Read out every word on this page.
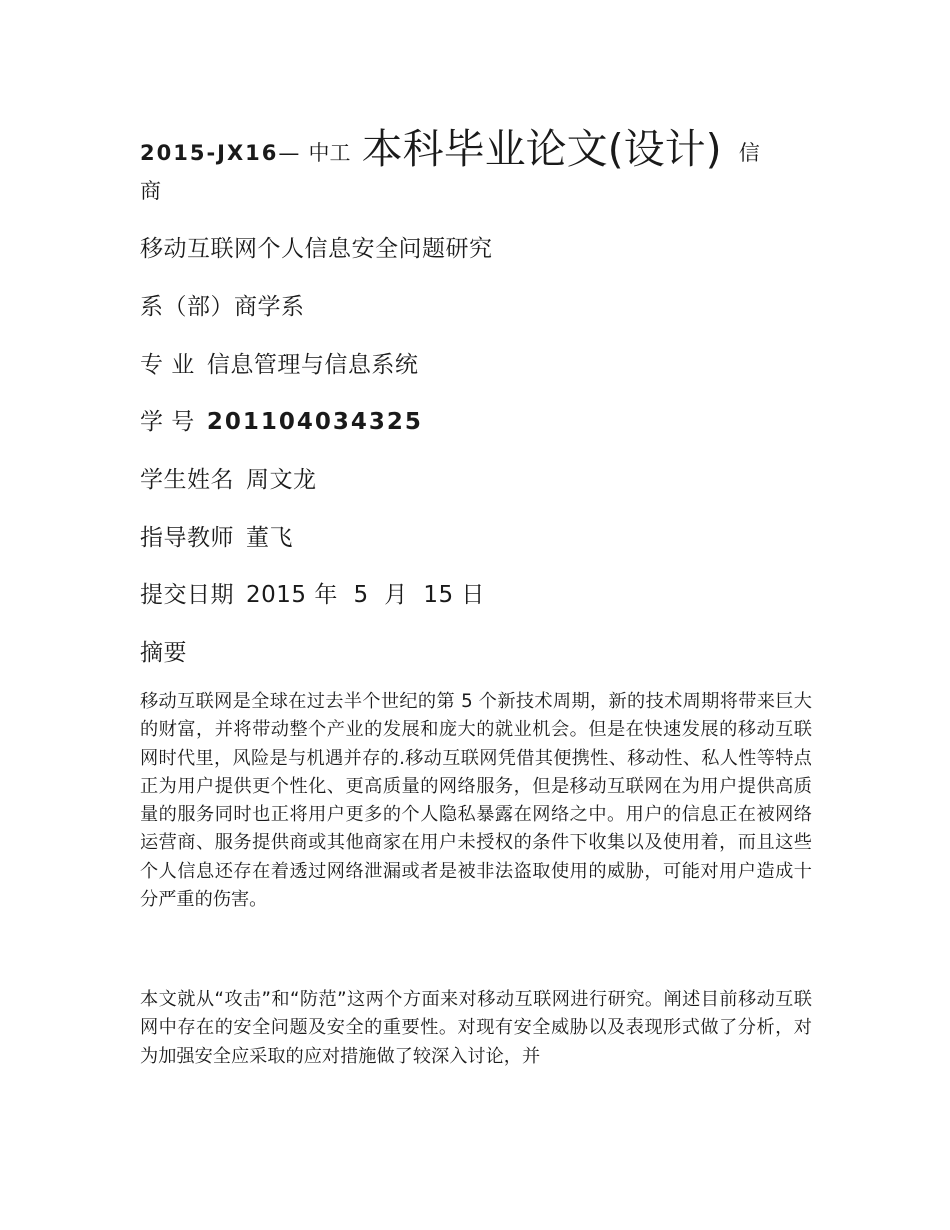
2015-JX16— 中工 本科毕业论文(设计) 信
商
移动互联网个人信息安全问题研究
系（部）商学系
专 业 信息管理与信息系统
学 号 201104034325
学生姓名 周文龙
指导教师 董飞
提交日期 2015 年  5  月  15 日
摘要

移动互联网是全球在过去半个世纪的第 5 个新技术周期，新的技术周期将带来巨大的财富，并将带动整个产业的发展和庞大的就业机会。但是在快速发展的移动互联网时代里，风险是与机遇并存的.移动互联网凭借其便携性、移动性、私人性等特点正为用户提供更个性化、更高质量的网络服务，但是移动互联网在为用户提供高质量的服务同时也正将用户更多的个人隐私暴露在网络之中。用户的信息正在被网络运营商、服务提供商或其他商家在用户未授权的条件下收集以及使用着，而且这些个人信息还存在着透过网络泄漏或者是被非法盗取使用的威胁，可能对用户造成十分严重的伤害。

本文就从“攻击”和“防范”这两个方面来对移动互联网进行研究。阐述目前移动互联网中存在的安全问题及安全的重要性。对现有安全威胁以及表现形式做了分析，对为加强安全应采取的应对措施做了较深入讨论，并
